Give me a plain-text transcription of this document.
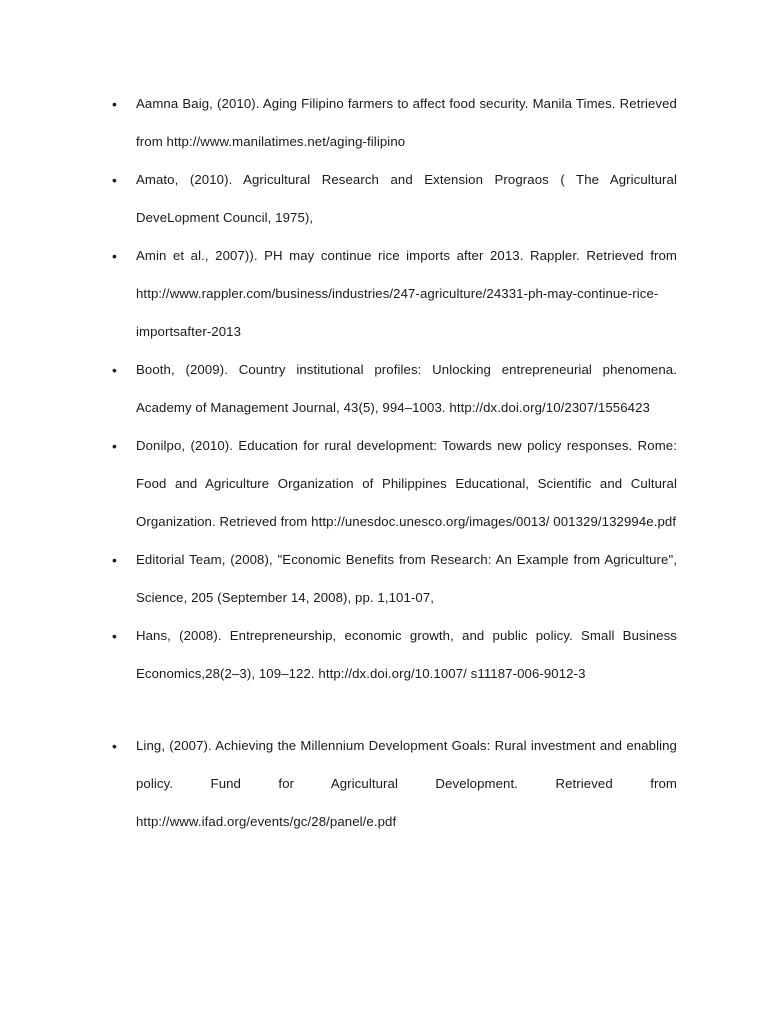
• Aamna Baig, (2010). Aging Filipino farmers to affect food security. Manila Times. Retrieved from http://www.manilatimes.net/aging-filipino
• Amato, (2010). Agricultural Research and Extension Prograos ( The Agricultural DeveLopment Council, 1975),
• Amin et al., 2007)). PH may continue rice imports after 2013. Rappler. Retrieved from http://www.rappler.com/business/industries/247-agriculture/24331-ph-may-continue-rice-importsafter-2013
• Booth, (2009). Country institutional profiles: Unlocking entrepreneurial phenomena. Academy of Management Journal, 43(5), 994–1003. http://dx.doi.org/10/2307/1556423
• Donilpo, (2010). Education for rural development: Towards new policy responses. Rome: Food and Agriculture Organization of Philippines Educational, Scientific and Cultural Organization. Retrieved from http://unesdoc.unesco.org/images/0013/ 001329/132994e.pdf
• Editorial Team, (2008), "Economic Benefits from Research: An Example from Agriculture", Science, 205 (September 14, 2008), pp. 1,101-07,
• Hans, (2008). Entrepreneurship, economic growth, and public policy. Small Business Economics,28(2–3), 109–122. http://dx.doi.org/10.1007/ s11187-006-9012-3
• Ling, (2007). Achieving the Millennium Development Goals: Rural investment and enabling policy. Fund for Agricultural Development. Retrieved from http://www.ifad.org/events/gc/28/panel/e.pdf
